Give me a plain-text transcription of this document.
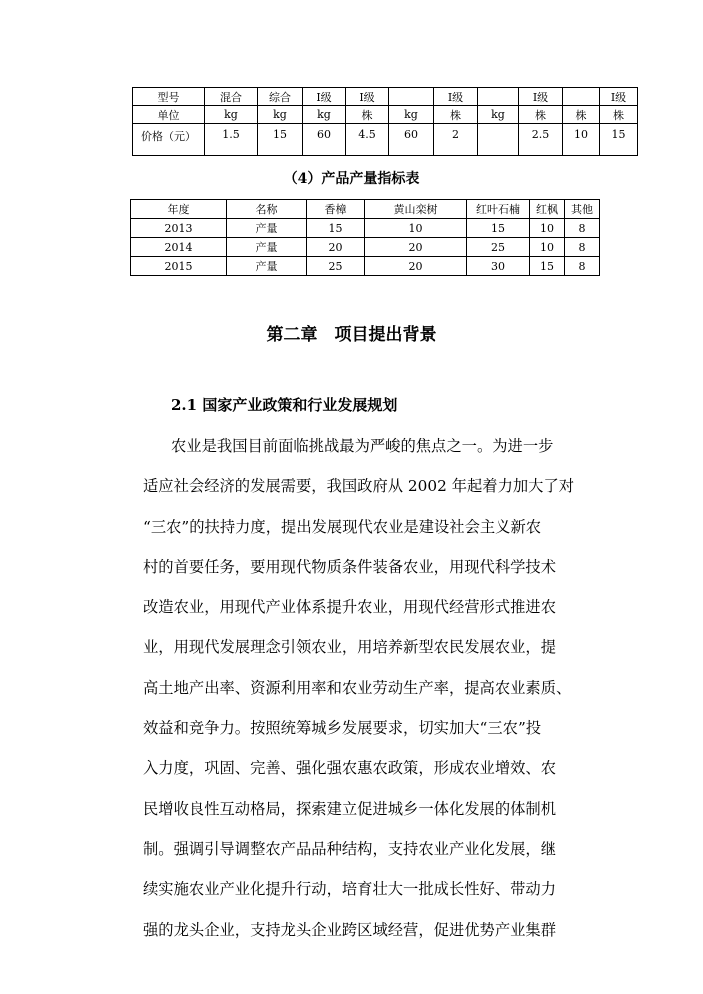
型号	混合	综合	Ⅰ级	Ⅰ级		Ⅰ级		Ⅰ级		Ⅰ级
单位	kg	kg	kg	株	kg	株	kg	株	株	株
价格（元）	1.5	15	60	4.5	60	2		2.5	10	15
（4）产品产量指标表
年度	名称	香樟	黄山栾树	红叶石楠	红枫	其他
2013	产量	15	10	15	10	8
2014	产量	20	20	25	10	8
2015	产量	25	20	30	15	8
第二章　项目提出背景
2.1 国家产业政策和行业发展规划
农业是我国目前面临挑战最为严峻的焦点之一。为进一步
适应社会经济的发展需要，我国政府从 2002 年起着力加大了对
“三农”的扶持力度，提出发展现代农业是建设社会主义新农
村的首要任务，要用现代物质条件装备农业，用现代科学技术
改造农业，用现代产业体系提升农业，用现代经营形式推进农
业，用现代发展理念引领农业，用培养新型农民发展农业，提
高土地产出率、资源利用率和农业劳动生产率，提高农业素质、
效益和竞争力。按照统筹城乡发展要求，切实加大“三农”投
入力度，巩固、完善、强化强农惠农政策，形成农业增效、农
民增收良性互动格局，探索建立促进城乡一体化发展的体制机
制。强调引导调整农产品品种结构，支持农业产业化发展，继
续实施农业产业化提升行动，培育壮大一批成长性好、带动力
强的龙头企业，支持龙头企业跨区域经营，促进优势产业集群
